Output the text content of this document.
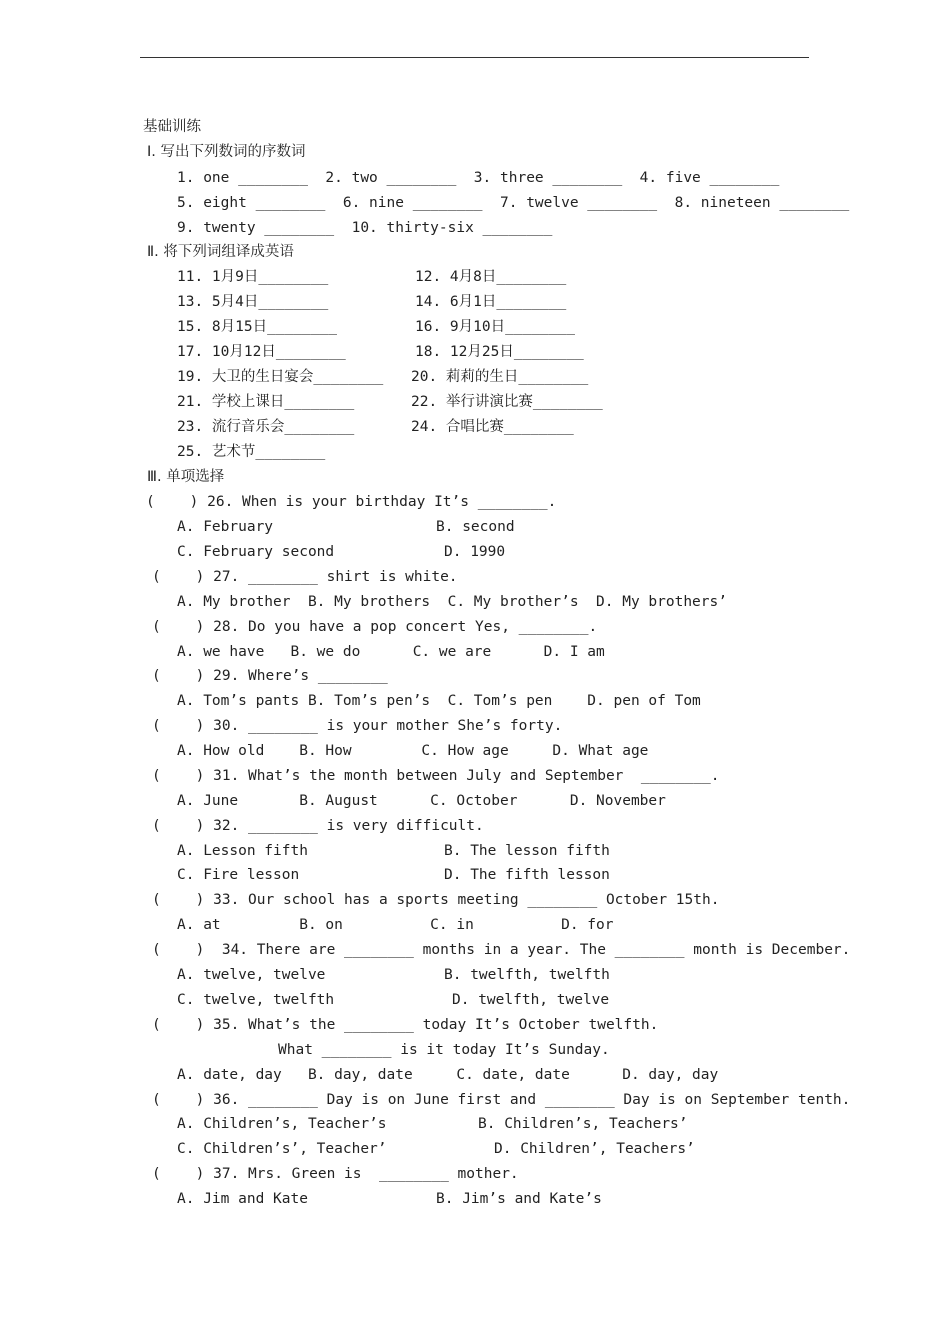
基础训练
Ⅰ. 写出下列数词的序数词
1. one ________  2. two ________  3. three ________  4. five ________
5. eight ________  6. nine ________  7. twelve ________  8. nineteen ________
9. twenty ________  10. thirty-six ________
Ⅱ. 将下列词组译成英语
11. 1月9日________	12. 4月8日________
13. 5月4日________	14. 6月1日________
15. 8月15日________	16. 9月10日________
17. 10月12日________	18. 12月25日________
19. 大卫的生日宴会________ 20. 莉莉的生日________
21. 学校上课日________	22. 举行讲演比赛________
23. 流行音乐会________	24. 合唱比赛________
25. 艺术节________
Ⅲ. 单项选择
(    ) 26. When is your birthday It’s ________.
A. February	B. second
C. February second	D. 1990
(    ) 27. ________ shirt is white.
A. My brother  B. My brothers  C. My brother’s  D. My brothers’
(    ) 28. Do you have a pop concert Yes, ________.
A. we have   B. we do      C. we are      D. I am
(    ) 29. Where’s ________
A. Tom’s pants B. Tom’s pen’s  C. Tom’s pen    D. pen of Tom
(    ) 30. ________ is your mother She’s forty.
A. How old    B. How        C. How age     D. What age
(    ) 31. What’s the month between July and September  ________.
A. June       B. August      C. October      D. November
(    ) 32. ________ is very difficult.
A. Lesson fifth	B. The lesson fifth
C. Fire lesson	D. The fifth lesson
(    ) 33. Our school has a sports meeting ________ October 15th.
A. at         B. on          C. in          D. for
(    )  34. There are ________ months in a year. The ________ month is December.
A. twelve, twelve	B. twelfth, twelfth
C. twelve, twelfth	D. twelfth, twelve
(    ) 35. What’s the ________ today It’s October twelfth.
What ________ is it today It’s Sunday.
A. date, day   B. day, date     C. date, date      D. day, day
(    ) 36. ________ Day is on June first and ________ Day is on September tenth.
A. Children’s, Teacher’s	B. Children’s, Teachers’
C. Children’s’, Teacher’	D. Children’, Teachers’
(    ) 37. Mrs. Green is  ________ mother.
A. Jim and Kate	B. Jim’s and Kate’s
